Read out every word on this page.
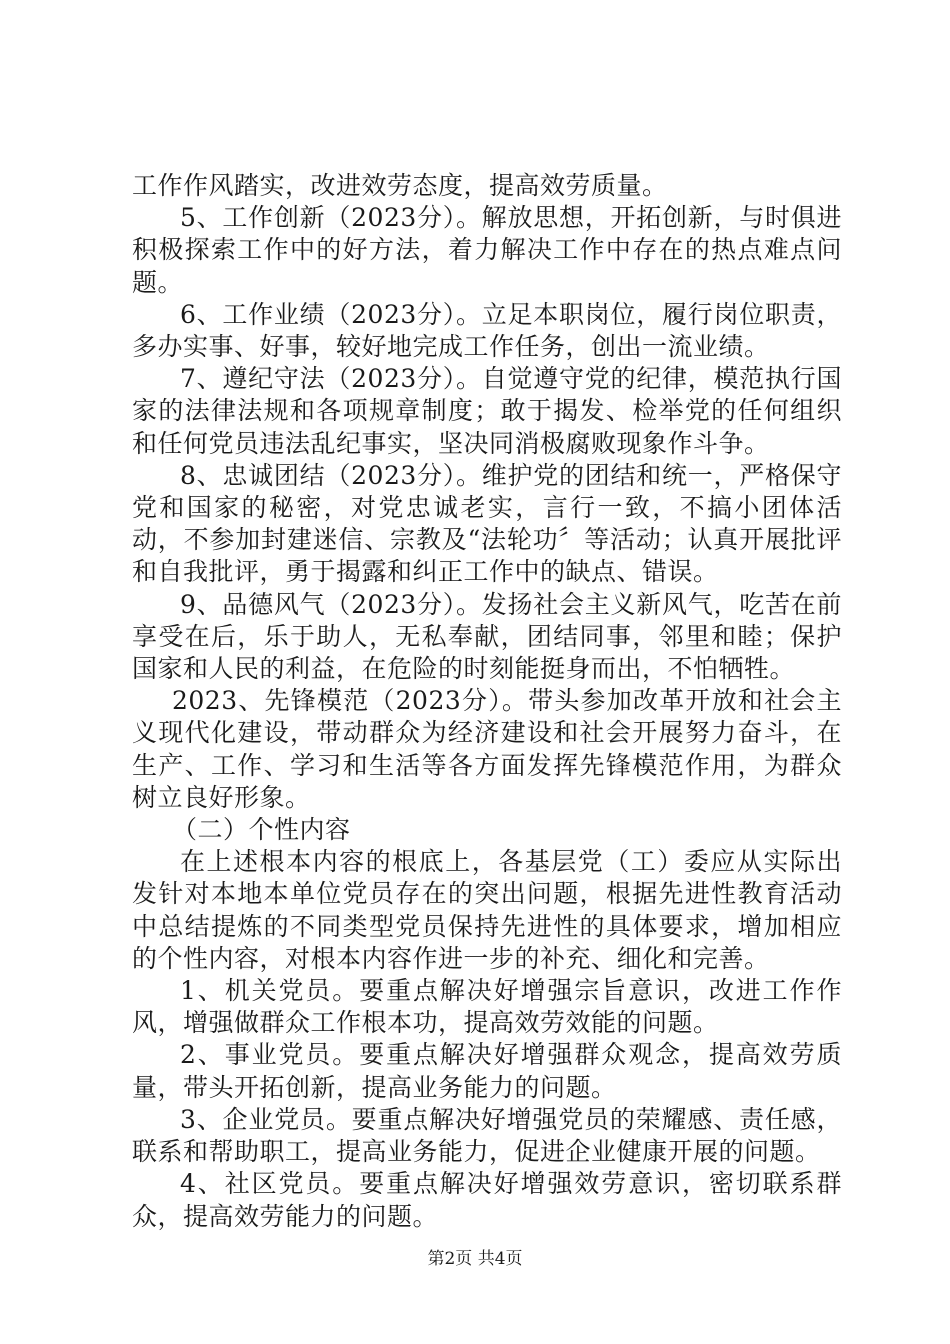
工作作风踏实，改进效劳态度，提高效劳质量。

5、工作创新（2023分）。解放思想，开拓创新，与时俱进积极探索工作中的好方法，着力解决工作中存在的热点难点问题。

6、工作业绩（2023分）。立足本职岗位，履行岗位职责，多办实事、好事，较好地完成工作任务，创出一流业绩。

7、遵纪守法（2023分）。自觉遵守党的纪律，模范执行国家的法律法规和各项规章制度；敢于揭发、检举党的任何组织和任何党员违法乱纪事实，坚决同消极腐败现象作斗争。

8、忠诚团结（2023分）。维护党的团结和统一，严格保守党和国家的秘密，对党忠诚老实，言行一致，不搞小团体活动，不参加封建迷信、宗教及“法轮功〞等活动；认真开展批评和自我批评，勇于揭露和纠正工作中的缺点、错误。

9、品德风气（2023分）。发扬社会主义新风气，吃苦在前享受在后，乐于助人，无私奉献，团结同事，邻里和睦；保护国家和人民的利益，在危险的时刻能挺身而出，不怕牺牲。

2023、先锋模范（2023分）。带头参加改革开放和社会主义现代化建设，带动群众为经济建设和社会开展努力奋斗，在生产、工作、学习和生活等各方面发挥先锋模范作用，为群众树立良好形象。

（二）个性内容

在上述根本内容的根底上，各基层党（工）委应从实际出发针对本地本单位党员存在的突出问题，根据先进性教育活动中总结提炼的不同类型党员保持先进性的具体要求，增加相应的个性内容，对根本内容作进一步的补充、细化和完善。

1、机关党员。要重点解决好增强宗旨意识，改进工作作风，增强做群众工作根本功，提高效劳效能的问题。

2、事业党员。要重点解决好增强群众观念，提高效劳质量，带头开拓创新，提高业务能力的问题。

3、企业党员。要重点解决好增强党员的荣耀感、责任感，联系和帮助职工，提高业务能力，促进企业健康开展的问题。

4、社区党员。要重点解决好增强效劳意识，密切联系群众，提高效劳能力的问题。

第2页 共4页
